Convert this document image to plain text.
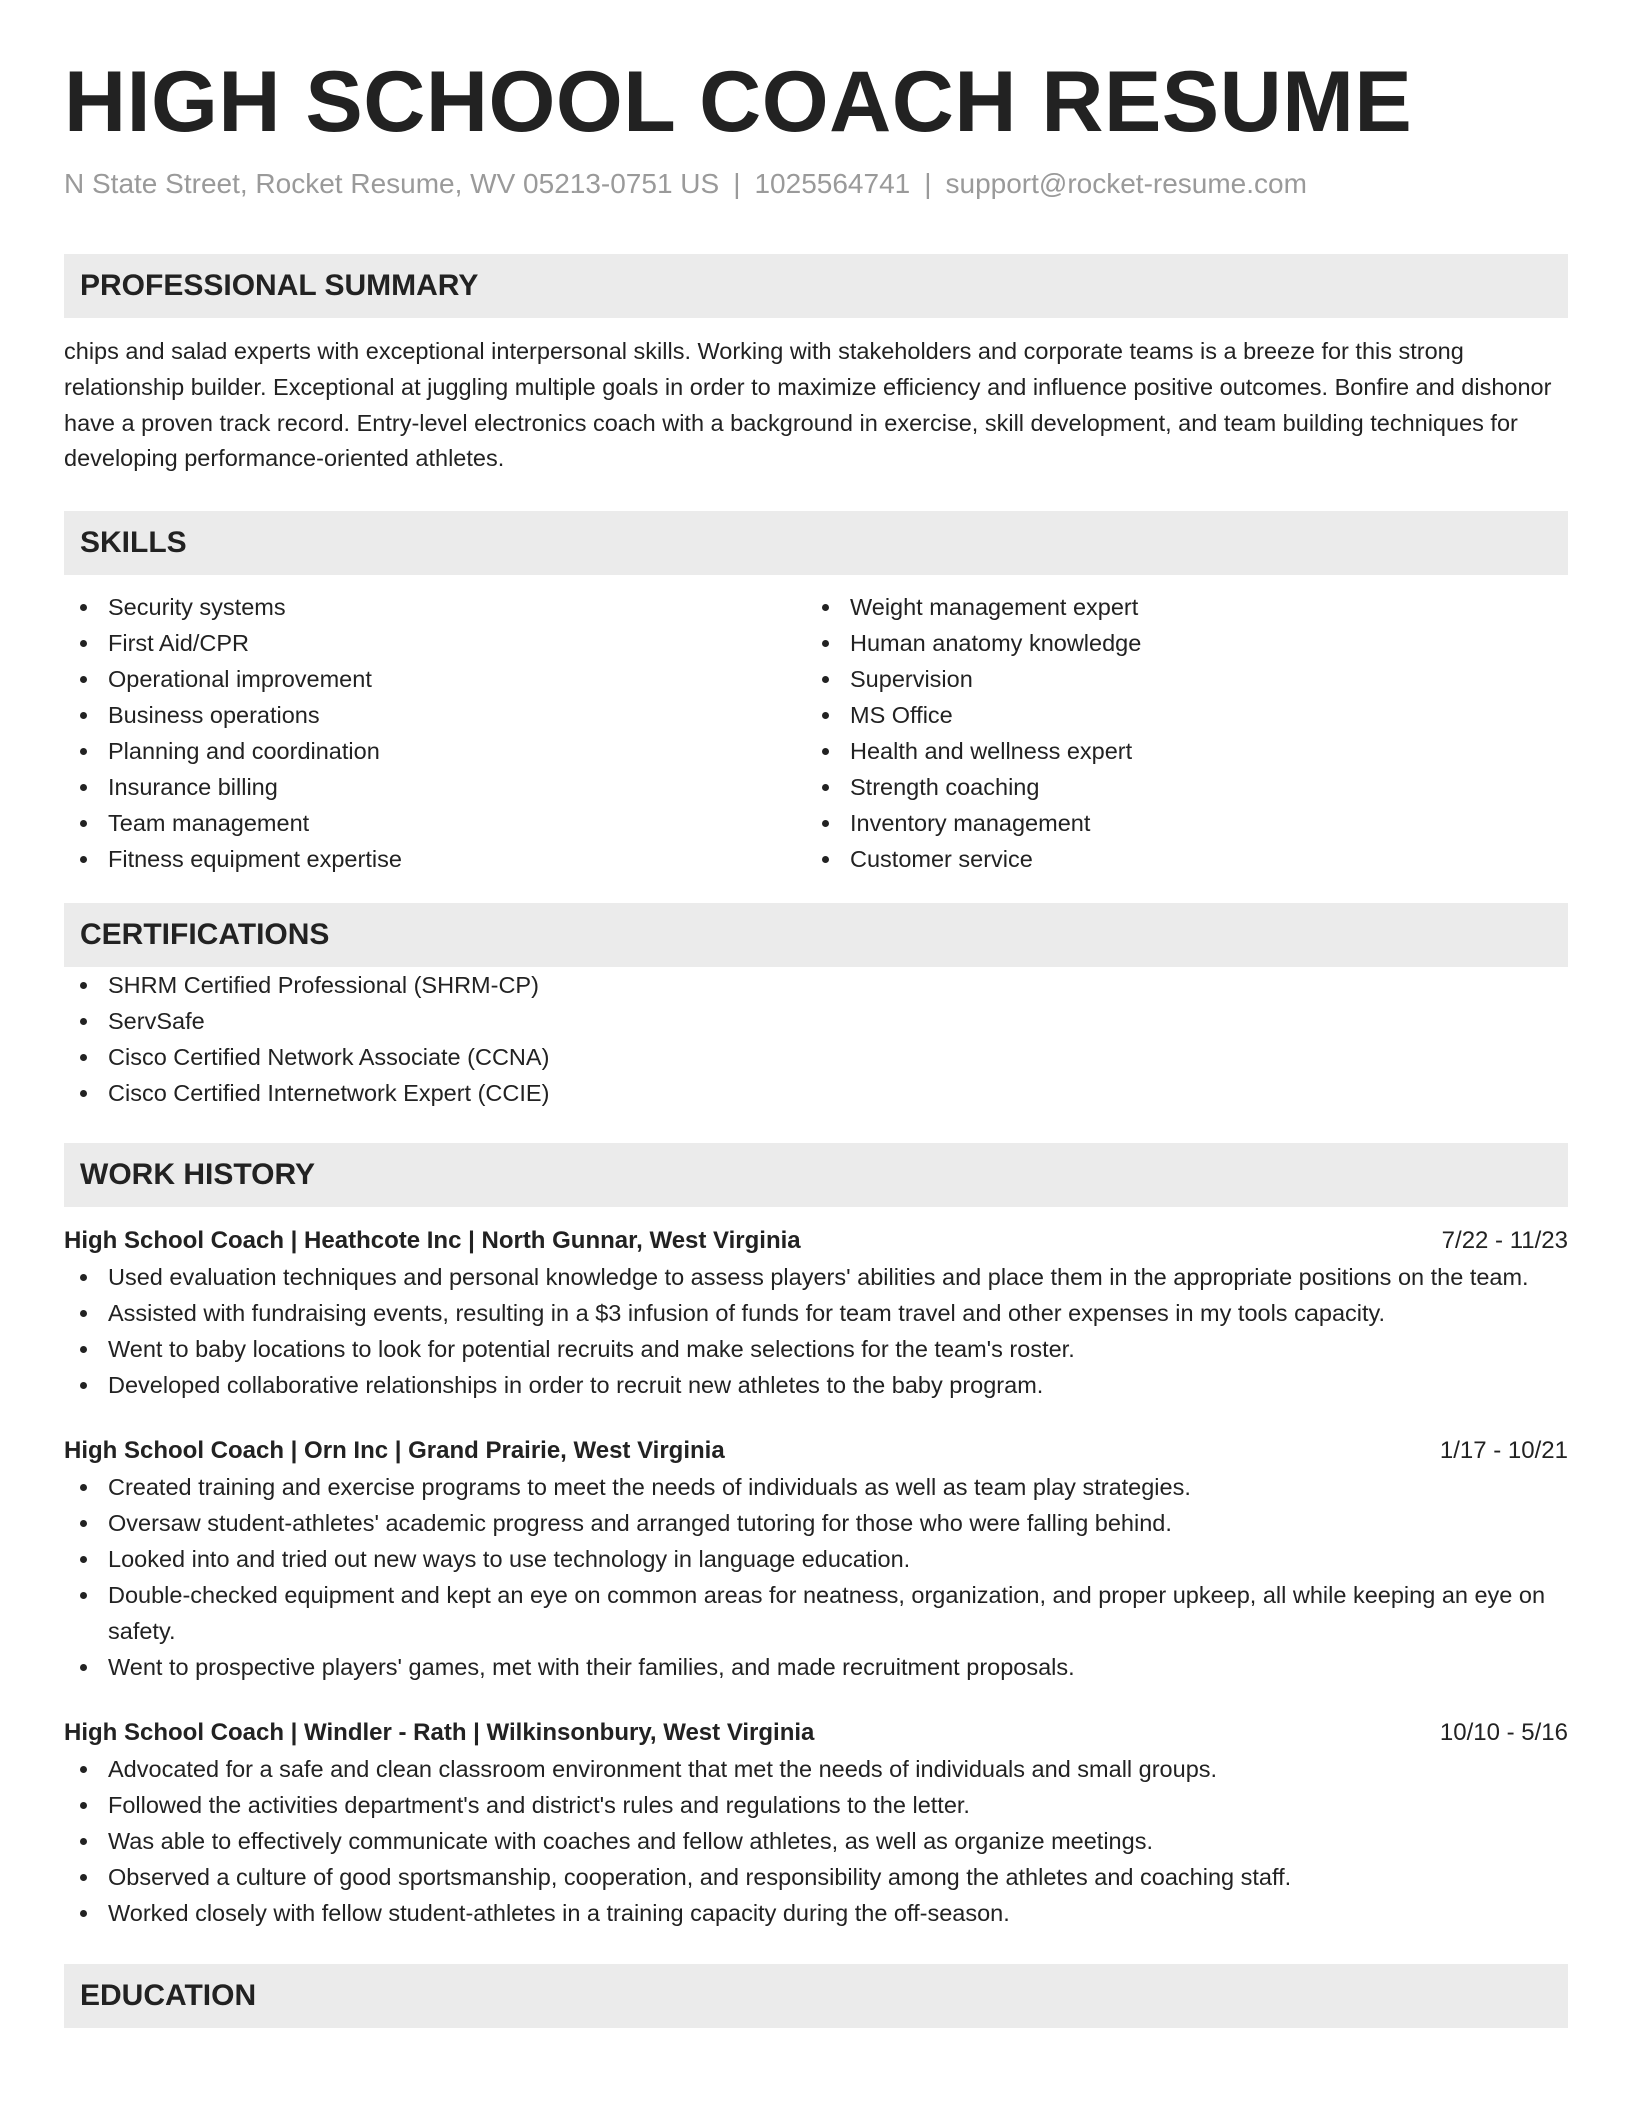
HIGH SCHOOL COACH RESUME
N State Street, Rocket Resume, WV 05213-0751 US | 1025564741 | support@rocket-resume.com
PROFESSIONAL SUMMARY
chips and salad experts with exceptional interpersonal skills. Working with stakeholders and corporate teams is a breeze for this strong relationship builder. Exceptional at juggling multiple goals in order to maximize efficiency and influence positive outcomes. Bonfire and dishonor have a proven track record. Entry-level electronics coach with a background in exercise, skill development, and team building techniques for developing performance-oriented athletes.
SKILLS
Security systems
First Aid/CPR
Operational improvement
Business operations
Planning and coordination
Insurance billing
Team management
Fitness equipment expertise
Weight management expert
Human anatomy knowledge
Supervision
MS Office
Health and wellness expert
Strength coaching
Inventory management
Customer service
CERTIFICATIONS
SHRM Certified Professional (SHRM-CP)
ServSafe
Cisco Certified Network Associate (CCNA)
Cisco Certified Internetwork Expert (CCIE)
WORK HISTORY
High School Coach | Heathcote Inc | North Gunnar, West Virginia	7/22 - 11/23
Used evaluation techniques and personal knowledge to assess players' abilities and place them in the appropriate positions on the team.
Assisted with fundraising events, resulting in a $3 infusion of funds for team travel and other expenses in my tools capacity.
Went to baby locations to look for potential recruits and make selections for the team's roster.
Developed collaborative relationships in order to recruit new athletes to the baby program.
High School Coach | Orn Inc | Grand Prairie, West Virginia	1/17 - 10/21
Created training and exercise programs to meet the needs of individuals as well as team play strategies.
Oversaw student-athletes' academic progress and arranged tutoring for those who were falling behind.
Looked into and tried out new ways to use technology in language education.
Double-checked equipment and kept an eye on common areas for neatness, organization, and proper upkeep, all while keeping an eye on safety.
Went to prospective players' games, met with their families, and made recruitment proposals.
High School Coach | Windler - Rath | Wilkinsonbury, West Virginia	10/10 - 5/16
Advocated for a safe and clean classroom environment that met the needs of individuals and small groups.
Followed the activities department's and district's rules and regulations to the letter.
Was able to effectively communicate with coaches and fellow athletes, as well as organize meetings.
Observed a culture of good sportsmanship, cooperation, and responsibility among the athletes and coaching staff.
Worked closely with fellow student-athletes in a training capacity during the off-season.
EDUCATION
